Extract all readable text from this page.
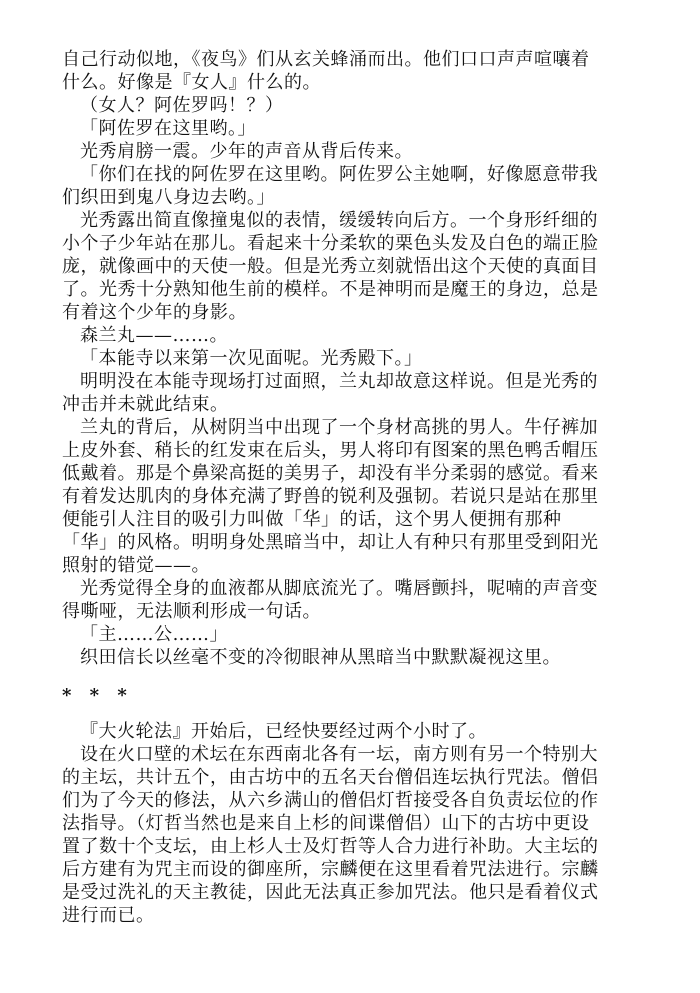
自己行动似地，《夜鸟》们从玄关蜂涌而出。他们口口声声喧嚷着
什么。好像是『女人』什么的。
（女人？阿佐罗吗！？）
「阿佐罗在这里哟。」
光秀肩膀一震。少年的声音从背后传来。
「你们在找的阿佐罗在这里哟。阿佐罗公主她啊，好像愿意带我
们织田到鬼八身边去哟。」
光秀露出简直像撞鬼似的表情，缓缓转向后方。一个身形纤细的
小个子少年站在那儿。看起来十分柔软的栗色头发及白色的端正脸
庞，就像画中的天使一般。但是光秀立刻就悟出这个天使的真面目
了。光秀十分熟知他生前的模样。不是神明而是魔王的身边，总是
有着这个少年的身影。
森兰丸——……。
「本能寺以来第一次见面呢。光秀殿下。」
明明没在本能寺现场打过面照，兰丸却故意这样说。但是光秀的
冲击并未就此结束。
兰丸的背后，从树阴当中出现了一个身材高挑的男人。牛仔裤加
上皮外套、稍长的红发束在后头，男人将印有图案的黑色鸭舌帽压
低戴着。那是个鼻梁高挺的美男子，却没有半分柔弱的感觉。看来
有着发达肌肉的身体充满了野兽的锐利及强韧。若说只是站在那里
便能引人注目的吸引力叫做「华」的话，这个男人便拥有那种
「华」的风格。明明身处黑暗当中，却让人有种只有那里受到阳光
照射的错觉——。
光秀觉得全身的血液都从脚底流光了。嘴唇颤抖，呢喃的声音变
得嘶哑，无法顺利形成一句话。
「主……公……」
织田信长以丝毫不变的冷彻眼神从黑暗当中默默凝视这里。
* * *
『大火轮法』开始后，已经快要经过两个小时了。
设在火口壁的术坛在东西南北各有一坛，南方则有另一个特别大
的主坛，共计五个，由古坊中的五名天台僧侣连坛执行咒法。僧侣
们为了今天的修法，从六乡满山的僧侣灯哲接受各自负责坛位的作
法指导。（灯哲当然也是来自上杉的间谍僧侣）山下的古坊中更设
置了数十个支坛，由上杉人士及灯哲等人合力进行补助。大主坛的
后方建有为咒主而设的御座所，宗麟便在这里看着咒法进行。宗麟
是受过洗礼的天主教徒，因此无法真正参加咒法。他只是看着仪式
进行而已。
